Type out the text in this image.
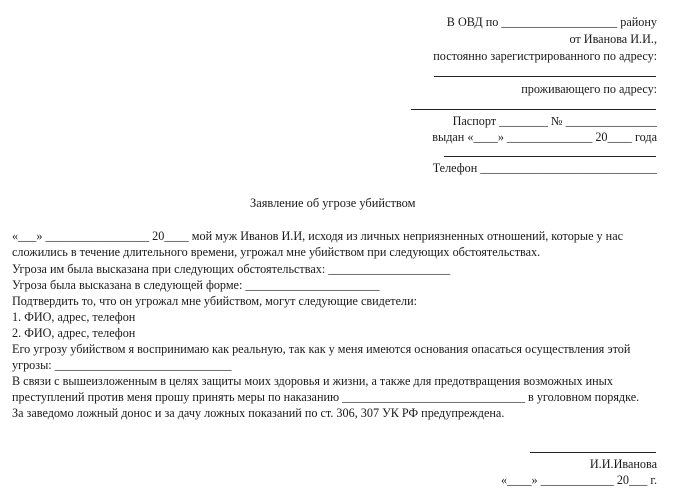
В ОВД по ___________________ району
от Иванова И.И.,
постоянно зарегистрированного по адресу:
проживающего по адресу:
Паспорт ________ № _______________
выдан «____» ______________ 20____ года
Телефон _____________________________
Заявление об угрозе убийством
«___» _________________ 20____ мой муж Иванов И.И, исходя из личных неприязненных отношений, которые у нас
сложились в течение длительного времени, угрожал мне убийством при следующих обстоятельствах.
Угроза им была высказана при следующих обстоятельствах: ____________________
Угроза была высказана в следующей форме: ______________________
Подтвердить то, что он угрожал мне убийством, могут следующие свидетели:
1. ФИО, адрес, телефон
2. ФИО, адрес, телефон
Его угрозу убийством я воспринимаю как реальную, так как у меня имеются основания опасаться осуществления этой
угрозы: _____________________________
В связи с вышеизложенным в целях защиты моих здоровья и жизни, а также для предотвращения возможных иных
преступлений против меня прошу принять меры по наказанию ______________________________ в уголовном порядке.
За заведомо ложный донос и за дачу ложных показаний по ст. 306, 307 УК РФ предупреждена.
И.И.Иванова
«____» ____________ 20___ г.
